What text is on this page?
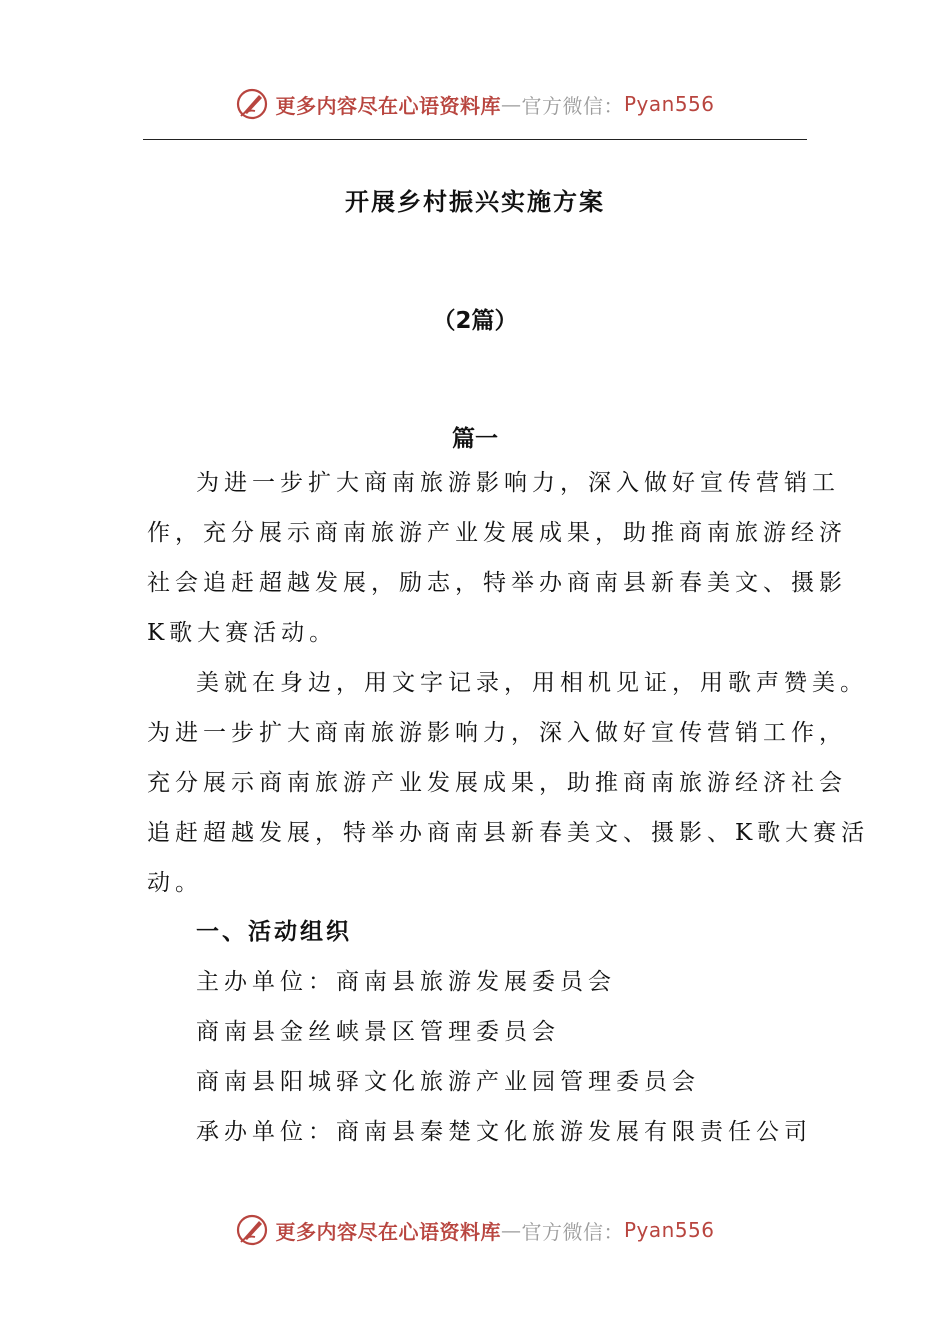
更多内容尽在心语资料库 — 官方微信： Pyan556
开展乡村振兴实施方案
（2篇）
篇一
为进一步扩大商南旅游影响力，深入做好宣传营销工
作，充分展示商南旅游产业发展成果，助推商南旅游经济
社会追赶超越发展，励志，特举办商南县新春美文、摄影
K歌大赛活动。
美就在身边，用文字记录，用相机见证，用歌声赞美。
为进一步扩大商南旅游影响力，深入做好宣传营销工作，
充分展示商南旅游产业发展成果，助推商南旅游经济社会
追赶超越发展，特举办商南县新春美文、摄影、K歌大赛活
动。
一、活动组织
主办单位：商南县旅游发展委员会
商南县金丝峡景区管理委员会
商南县阳城驿文化旅游产业园管理委员会
承办单位：商南县秦楚文化旅游发展有限责任公司
更多内容尽在心语资料库 — 官方微信： Pyan556
